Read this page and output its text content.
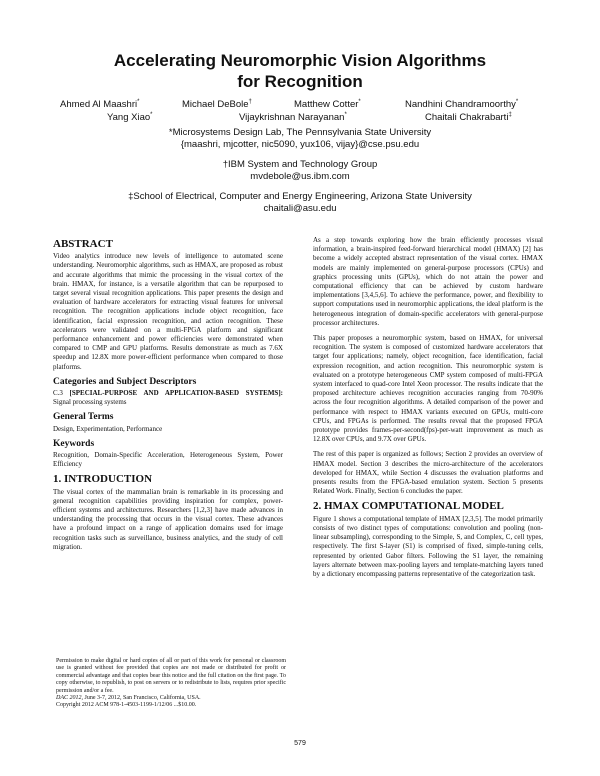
Accelerating Neuromorphic Vision Algorithms
for Recognition
Ahmed Al Maashri*	Michael DeBole†	Matthew Cotter*	Nandhini Chandramoorthy*
Yang Xiao*	Vijaykrishnan Narayanan*	Chaitali Chakrabarti‡
*Microsystems Design Lab, The Pennsylvania State University
{maashri, mjcotter, nic5090, yux106, vijay}@cse.psu.edu
†IBM System and Technology Group
mvdebole@us.ibm.com
‡School of Electrical, Computer and Energy Engineering, Arizona State University
chaitali@asu.edu
ABSTRACT

Video analytics introduce new levels of intelligence to automated scene understanding. Neuromorphic algorithms, such as HMAX, are proposed as robust and accurate algorithms that mimic the processing in the visual cortex of the brain. HMAX, for instance, is a versatile algorithm that can be repurposed to target several visual recognition applications. This paper presents the design and evaluation of hardware accelerators for extracting visual features for universal recognition. The recognition applications include object recognition, face identification, facial expression recognition, and action recognition. These accelerators were validated on a multi-FPGA platform and significant performance enhancement and power efficiencies were demonstrated when compared to CMP and GPU platforms. Results demonstrate as much as 7.6X speedup and 12.8X more power-efficient performance when compared to those platforms.

Categories and Subject Descriptors

C.3 [SPECIAL-PURPOSE AND APPLICATION-BASED SYSTEMS]: Signal processing systems

General Terms

Design, Experimentation, Performance

Keywords

Recognition, Domain-Specific Acceleration, Heterogeneous System, Power Efficiency

1. INTRODUCTION

The visual cortex of the mammalian brain is remarkable in its processing and general recognition capabilities providing inspiration for complex, power-efficient systems and architectures. Researchers [1,2,3] have made advances in understanding the processing that occurs in the visual cortex. These advances have a profound impact on a range of application domains used for image recognition tasks such as surveillance, business analytics, and the study of cell migration.

Permission to make digital or hard copies of all or part of this work for personal or classroom use is granted without fee provided that copies are not made or distributed for profit or commercial advantage and that copies bear this notice and the full citation on the first page. To copy otherwise, to republish, to post on servers or to redistribute to lists, requires prior specific permission and/or a fee.

DAC 2012, June 3-7, 2012, San Francisco, California, USA.

Copyright 2012 ACM 978-1-4503-1199-1/12/06 ...$10.00.

As a step towards exploring how the brain efficiently processes visual information, a brain-inspired feed-forward hierarchical model (HMAX) [2] has become a widely accepted abstract representation of the visual cortex. HMAX models are mainly implemented on general-purpose processors (CPUs) and graphics processing units (GPUs), which do not attain the power and computational efficiency that can be achieved by custom hardware implementations [3,4,5,6]. To achieve the performance, power, and flexibility to support computations used in neuromorphic applications, the ideal platform is the heterogeneous integration of domain-specific accelerators with general-purpose processor architectures.

This paper proposes a neuromorphic system, based on HMAX, for universal recognition. The system is composed of customized hardware accelerators that target four applications; namely, object recognition, face identification, facial expression recognition, and action recognition. This neuromorphic system is evaluated on a prototype heterogeneous CMP system composed of multi-FPGA system interfaced to quad-core Intel Xeon processor. The results indicate that the proposed architecture achieves recognition accuracies ranging from 70-90% across the four recognition algorithms. A detailed comparison of the power and performance with respect to HMAX variants executed on GPUs, multi-core CPUs, and FPGAs is performed. The results reveal that the proposed FPGA prototype provides frames-per-second(fps)-per-watt improvement as much as 12.8X over CPUs, and 9.7X over GPUs.

The rest of this paper is organized as follows; Section 2 provides an overview of HMAX model. Section 3 describes the micro-architecture of the accelerators developed for HMAX, while Section 4 discusses the evaluation platforms and presents results from the FPGA-based emulation system. Section 5 presents Related Work. Finally, Section 6 concludes the paper.

2. HMAX COMPUTATIONAL MODEL

Figure 1 shows a computational template of HMAX [2,3,5]. The model primarily consists of two distinct types of computations: convolution and pooling (non-linear subsampling), corresponding to the Simple, S, and Complex, C, cell types, respectively. The first S-layer (S1) is comprised of fixed, simple-tuning cells, represented by oriented Gabor filters. Following the S1 layer, the remaining layers alternate between max-pooling layers and template-matching layers tuned by a dictionary encompassing patterns representative of the categorization task.

579
